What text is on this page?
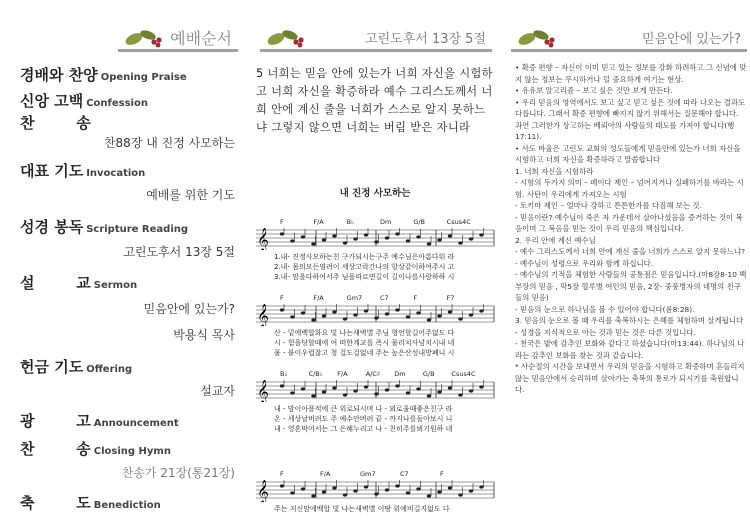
예배순서
경배와 찬양 Opening Praise
신앙 고백 Confession
찬        송
찬88장 내 진정 사모하는
대표 기도 Invocation
예배를 위한 기도
성경 봉독 Scripture Reading
고린도후서 13장 5절
설        교 Sermon
믿음안에 있는가?
박용식 목사
헌금 기도 Offering
설교자
광        고 Announcement
찬        송 Closing Hymn
찬송가 21장(통21장)
축        도 Benediction
고린도후서 13장 5절
5 너희는 믿음 안에 있는가 너희 자신을 시험하고 너희 자신을 확증하라 예수 그리스도께서 너희 안에 계신 줄을 너희가 스스로 알지 못하느냐 그렇지 않으면 너희는 버림 받은 자니라
내 진정 사모하는
F	F/A	B♭	Dm	G/B	Csus4C
𝄞
1.내- 진정사모하는친 구가되시는구주 예수님은아름다워 라
2.내- 몸의모든염려이 세상고락간나의 항상같이하여주시 고
3.내- 맘을다하여서주 님을따르면길이 길이나를사랑하하 시
F	F/A	Gm7	C7	F	F7
𝄞
산 - 밑에백합화요 빛 나는새벽별 주님 형언할길어주없도 다
시 - 험을당할때에 여 떠한계교를 즉시 물리치사넘치시내 네
물 - 붙이우렵잖고 청 걸도걸없네 주는 높은산성내방폐니 시
B♭	C/B♭ F/A	A/C♯ Dm	G/B	Csus4C
𝄞
내 - 맘이아플적에 큰 위로되시며 나 - 외로울때좋은친구 라
온 - 세상날버려도 주 예수안버려 끝 - 까지나를돌아보시 니
내 - 영혼막어서는 그 은혜누리고 나 - 친히주를뵈기원하 네
F	F/A	Gm7	C7	F
𝄞
주는 저신맘에백합 빛 나는새벽별 이땅 위에비길지없도 다
믿음안에 있는가?

• 확증 편향 – 자신이 이미 믿고 있는 정보를 강화 하려하고 그 신념에 맞지 않는 정보는 무시하거나 덜 중요하게 여기는 현상.

• 유유보 알고리즘 – 보고 싶은 것만 보게 만든다.

• 우리 믿음의 영역에서도 보고 싶고 믿고 싶은 것에 따라 나오는 결과도 다릅니다. 그래서 확증 편향에 빠지지 않기 위해서는 질문해야 합니다. 과연 그러한가 상고하는 베뢰아의 사람들의 태도를 가져야 합니다(행17:11).

• 사도 바울은 고린도 교회의 성도들에게 믿음안에 있는가 너희 자신을 시험하고 너희 자신을 확증하라고 말씀합니다

1. 너희 자신을 시험하라

- 시험의 두가지 의미 – 페이다 제인 – 넘어지거나 실패하기를 바라는 시험. 사탄이 우리에게 가져오는 시험

- 토키마 제인 – 얼마나 강하고 튼튼한가를 다짐해 보는 것.

- 믿음이란? 예수님이 죽은 자 가운데서 살아나셨음을 증거하는 것이 복음이며 그 복음을 믿는 것이 우리 믿음의 핵심입니다.

2. 우리 안에 계신 예수님

- 예수 그리스도께서 너희 안에 계신 줄을 너희가 스스로 알지 못하느냐?

- 예수님이 성령으로 우리와 함께 하십니다.

- 예수님의 기적을 체험한 사람들의 공통점은 믿음입니다.(마8장8-10 백부장의 믿음 , 막5장 혈루병 여인의 믿음, 2장- 중풍병자의 네명의 친구들의 믿음)

- 믿음의 눈으로 하나님을 볼 수 있어야 합니다(롬8:28).

3. 믿음의 눈으로 볼 때 우리를 축복하시는 은혜를 체험하며 살게됩니다

- 성경을 지식적으로 아는 것과 믿는 것은 다른 것입니다.

- 천국은 밭에 감추인 보화와 같다고 하셨습니다(마13:44). 하나님의 나라는 감추인 보화를 찾는 것과 같습니다.

* 사순절의 시간을 보내면서 우리의 믿음을 시험하고 확증하며 흔들리지 않는 믿음안에서 승리하며 살아가는 축복의 통로가 되시기를 축원합니다.
